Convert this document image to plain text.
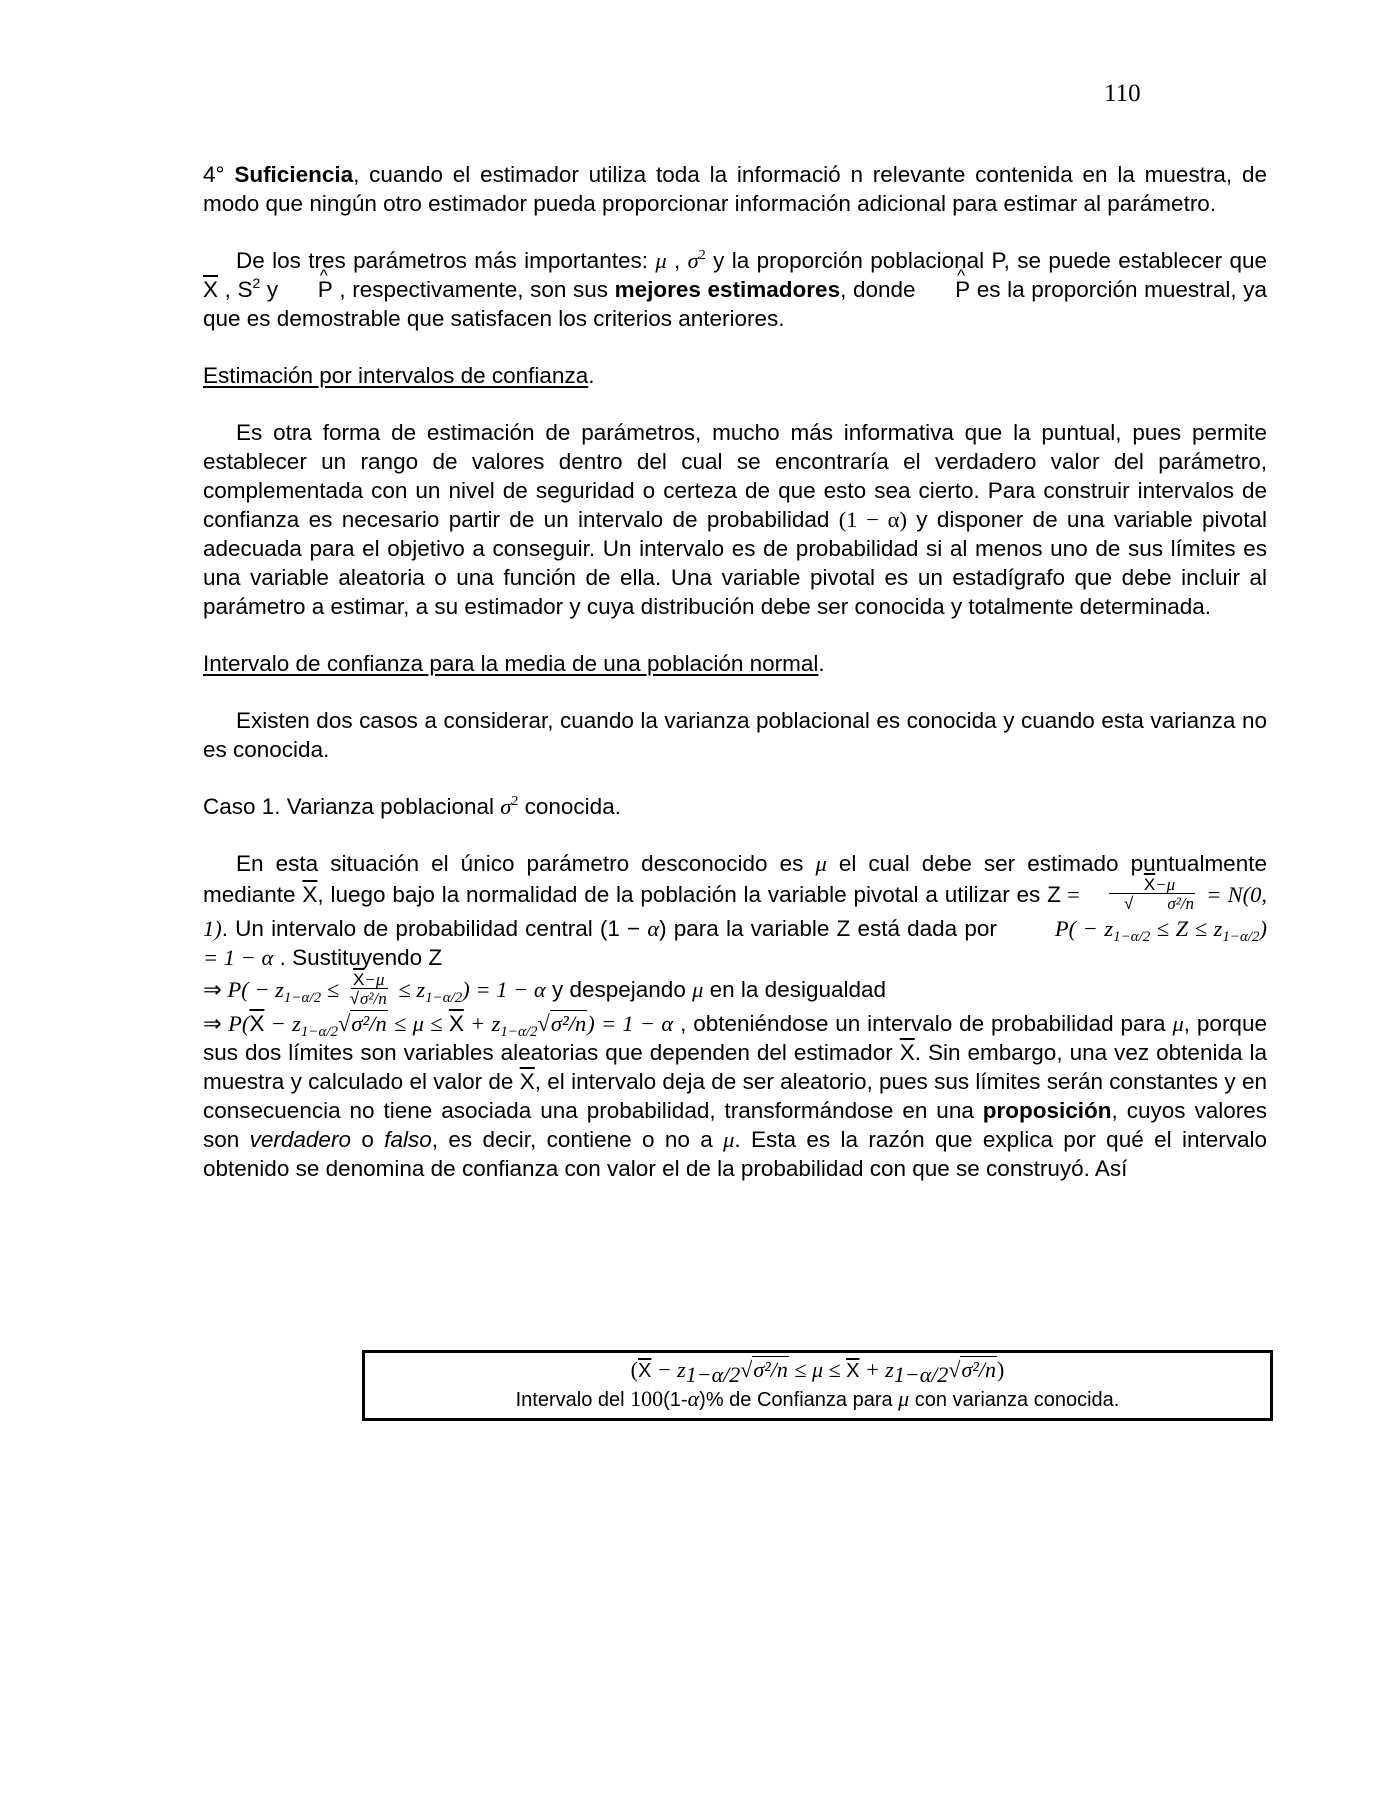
110

4° Suficiencia, cuando el estimador utiliza toda la informació n relevante contenida en la muestra, de modo que ningún otro estimador pueda proporcionar información adicional para estimar al parámetro.

De los tres parámetros más importantes: μ , $\sigma^2$ y la proporción poblacional P, se puede establecer que $\overline{X}$ , $S^2$ y ^ P , respectivamente, son sus mejores estimadores, donde ^ P es la proporción muestral, ya que es demostrable que satisfacen los criterios anteriores.

Estimación por intervalos de confianza.

Es otra forma de estimación de parámetros, mucho más informativa que la puntual, pues permite establecer un rango de valores dentro del cual se encontraría el verdadero valor del parámetro, complementada con un nivel de seguridad o certeza de que esto sea cierto. Para construir intervalos de confianza es necesario partir de un intervalo de probabilidad (1 − α) y disponer de una variable pivotal adecuada para el objetivo a conseguir. Un intervalo es de probabilidad si al menos uno de sus límites es una variable aleatoria o una función de ella. Una variable pivotal es un estadígrafo que debe incluir al parámetro a estimar, a su estimador y cuya distribución debe ser conocida y totalmente determinada.

Intervalo de confianza para la media de una población normal.

Existen dos casos a considerar, cuando la varianza poblacional es conocida y cuando esta varianza no es conocida.

Caso 1. Varianza poblacional $\sigma^2$ conocida.

En esta situación el único parámetro desconocido es μ el cual debe ser estimado puntualmente mediante $\overline{X}$, luego bajo la normalidad de la población la variable pivotal a utilizar es $Z = \frac{\overline{X}-\mu}{\text{√ σ²/n}} = N(0$, 1). Un intervalo de probabilidad central (1 − α) para la variable Z está dada por	$P( - z_{1-\alpha/2} \le Z \le z_{1-\alpha/2}) = 1 - \alpha$ . Sustituyendo Z

⇒ $P( - z_{1-\alpha/2} \le \frac{\overline{X}-\mu}{\text{√σ²/n}} \le z_{1-\alpha/2}) = 1 - \alpha$ y despejando μ en la desigualdad

⇒ $P(\overline{X} - z_{1-\alpha/2}√\sigma^2/n \le \mu \le \overline{X} + z_{1-\alpha/2}√\sigma^2/n) = 1 - \alpha$ , obteniéndose un intervalo de probabilidad para μ, porque sus dos límites son variables aleatorias que dependen del estimador $\overline{X}$. Sin embargo, una vez obtenida la muestra y calculado el valor de $\overline{X}$, el intervalo deja de ser aleatorio, pues sus límites serán constantes y en consecuencia no tiene asociada una probabilidad, transformándose en una proposición, cuyos valores son verdadero o falso, es decir, contiene o no a μ. Esta es la razón que explica por qué el intervalo obtenido se denomina de confianza con valor el de la probabilidad con que se construyó. Así

$(\overline{X} - z_{1-\alpha/2}√\sigma^2/n \le \mu \le \overline{X} + z_{1-\alpha/2}√\sigma^2/n)$
Intervalo del 100(1-α)% de Confianza para μ con varianza conocida.
